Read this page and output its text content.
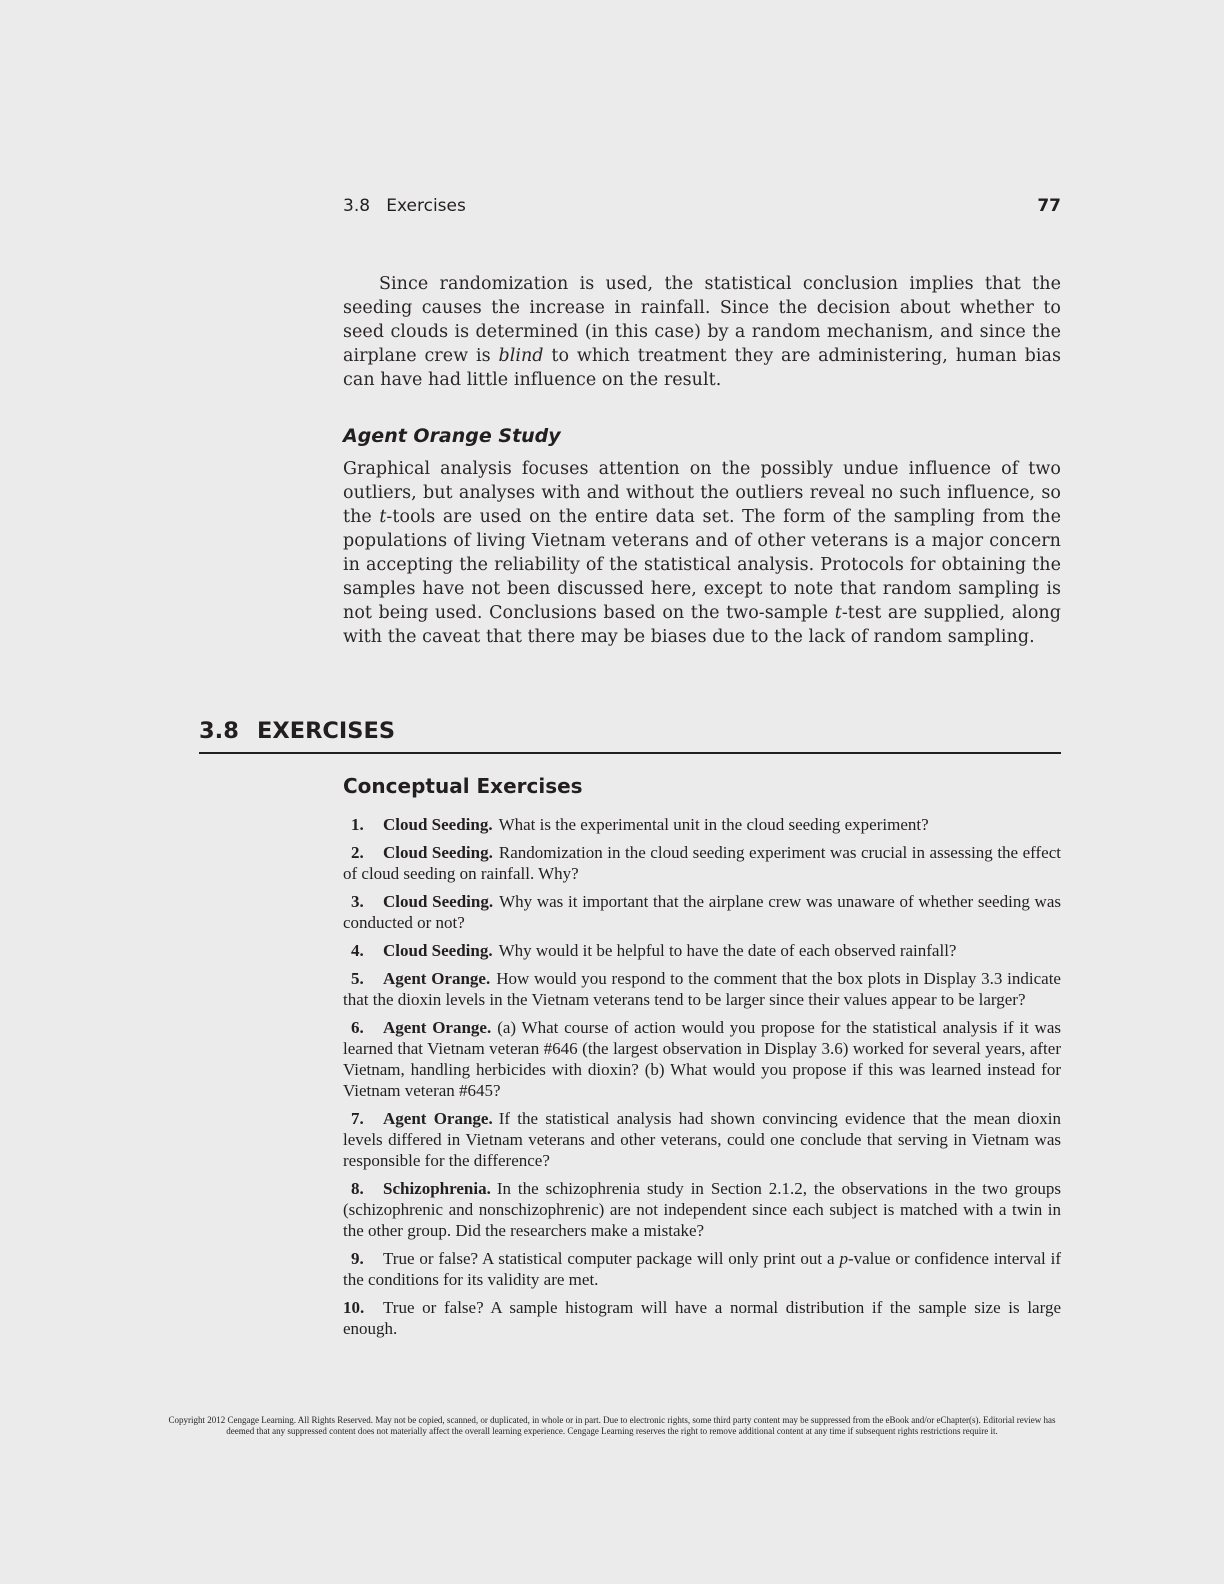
3.8   Exercises	77

Since randomization is used, the statistical conclusion implies that the seeding causes the increase in rainfall. Since the decision about whether to seed clouds is determined (in this case) by a random mechanism, and since the airplane crew is blind to which treatment they are administering, human bias can have had little influence on the result.

Agent Orange Study

Graphical analysis focuses attention on the possibly undue influence of two outliers, but analyses with and without the outliers reveal no such influence, so the t-tools are used on the entire data set. The form of the sampling from the populations of living Vietnam veterans and of other veterans is a major concern in accepting the reliability of the statistical analysis. Protocols for obtaining the samples have not been discussed here, except to note that random sampling is not being used. Conclusions based on the two-sample t-test are supplied, along with the caveat that there may be biases due to the lack of random sampling.

3.8 EXERCISES
Conceptual Exercises

1. Cloud Seeding. What is the experimental unit in the cloud seeding experiment?

2. Cloud Seeding. Randomization in the cloud seeding experiment was crucial in assessing the effect of cloud seeding on rainfall. Why?

3. Cloud Seeding. Why was it important that the airplane crew was unaware of whether seeding was conducted or not?

4. Cloud Seeding. Why would it be helpful to have the date of each observed rainfall?

5. Agent Orange. How would you respond to the comment that the box plots in Display 3.3 indicate that the dioxin levels in the Vietnam veterans tend to be larger since their values appear to be larger?

6. Agent Orange. (a) What course of action would you propose for the statistical analysis if it was learned that Vietnam veteran #646 (the largest observation in Display 3.6) worked for several years, after Vietnam, handling herbicides with dioxin? (b) What would you propose if this was learned instead for Vietnam veteran #645?

7. Agent Orange. If the statistical analysis had shown convincing evidence that the mean dioxin levels differed in Vietnam veterans and other veterans, could one conclude that serving in Vietnam was responsible for the difference?

8. Schizophrenia. In the schizophrenia study in Section 2.1.2, the observations in the two groups (schizophrenic and nonschizophrenic) are not independent since each subject is matched with a twin in the other group. Did the researchers make a mistake?

9. True or false? A statistical computer package will only print out a p-value or confidence interval if the conditions for its validity are met.

10. True or false? A sample histogram will have a normal distribution if the sample size is large enough.

Copyright 2012 Cengage Learning. All Rights Reserved. May not be copied, scanned, or duplicated, in whole or in part. Due to electronic rights, some third party content may be suppressed from the eBook and/or eChapter(s). Editorial review has
deemed that any suppressed content does not materially affect the overall learning experience. Cengage Learning reserves the right to remove additional content at any time if subsequent rights restrictions require it.
